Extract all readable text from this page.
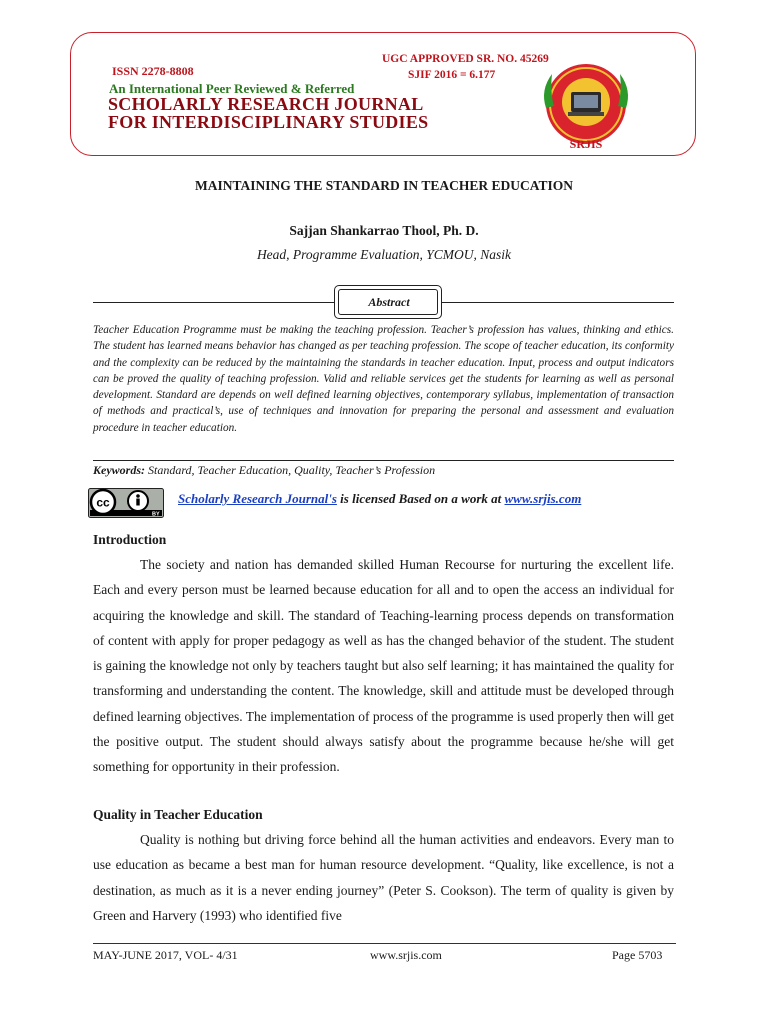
ISSN 2278-8808
An International Peer Reviewed & Referred
SCHOLARLY RESEARCH JOURNAL
FOR INTERDISCIPLINARY STUDIES
UGC APPROVED SR. NO. 45269
SJIF 2016 = 6.177
SRJIS
MAINTAINING THE STANDARD IN TEACHER EDUCATION
Sajjan Shankarrao Thool, Ph. D.
Head, Programme Evaluation, YCMOU, Nasik
Abstract
Teacher Education Programme must be making the teaching profession. Teacher’s profession has values, thinking and ethics. The student has learned means behavior has changed as per teaching profession. The scope of teacher education, its conformity and the complexity can be reduced by the maintaining the standards in teacher education. Input, process and output indicators can be proved the quality of teaching profession. Valid and reliable services get the students for learning as well as personal development. Standard are depends on well defined learning objectives, contemporary syllabus, implementation of transaction of methods and practical’s, use of techniques and innovation for preparing the personal and assessment and evaluation procedure in teacher education.
Keywords: Standard, Teacher Education, Quality, Teacher’s Profession
BY
cc	Scholarly Research Journal's is licensed Based on a work at www.srjis.com
Introduction
The society and nation has demanded skilled Human Recourse for nurturing the excellent life. Each and every person must be learned because education for all and to open the access an individual for acquiring the knowledge and skill. The standard of Teaching-learning process depends on transformation of content with apply for proper pedagogy as well as has the changed behavior of the student. The student is gaining the knowledge not only by teachers taught but also self learning; it has maintained the quality for transforming and understanding the content. The knowledge, skill and attitude must be developed through defined learning objectives. The implementation of process of the programme is used properly then will get the positive output. The student should always satisfy about the programme because he/she will get something for opportunity in their profession.
Quality in Teacher Education
Quality is nothing but driving force behind all the human activities and endeavors. Every man to use education as became a best man for human resource development. “Quality, like excellence, is not a destination, as much as it is a never ending journey” (Peter S. Cookson). The term of quality is given by Green and Harvery (1993) who identified five
MAY-JUNE 2017, VOL- 4/31	www.srjis.com	Page 5703
